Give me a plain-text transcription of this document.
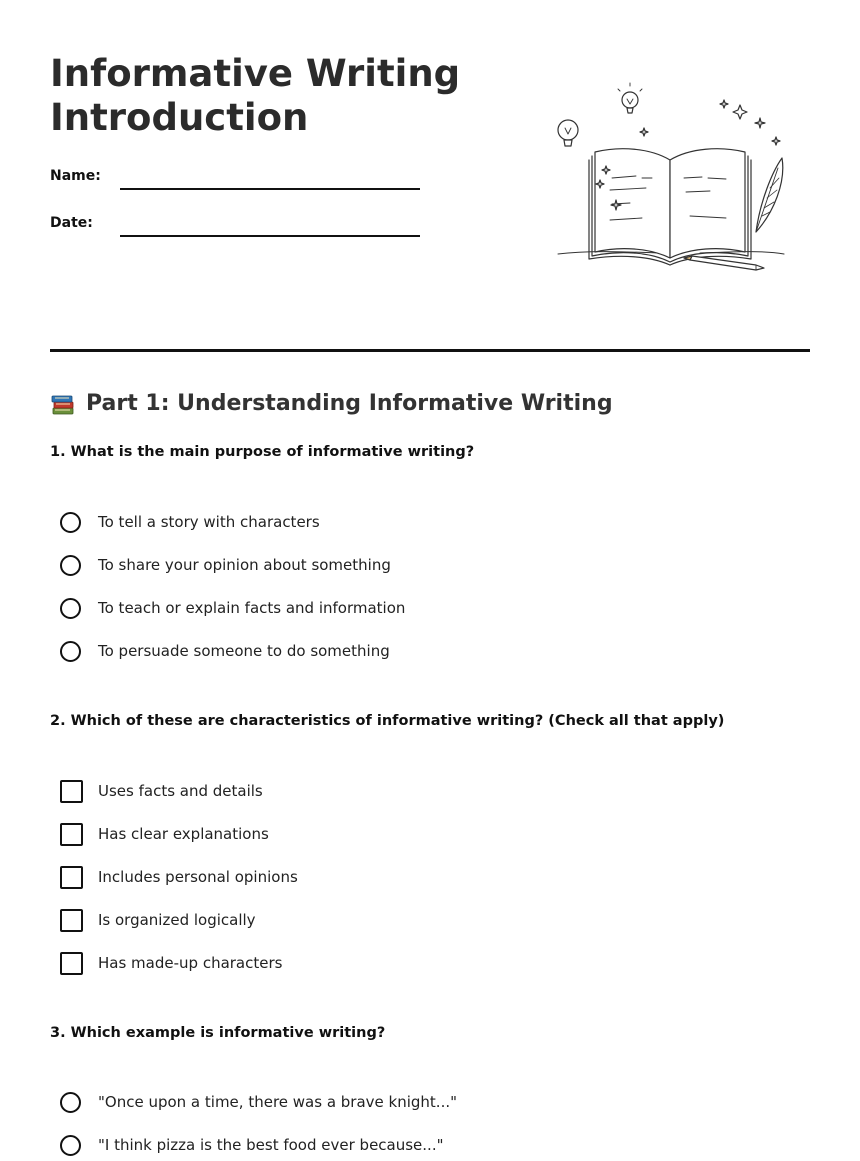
Informative Writing
Introduction
Name:
Date:
Part 1: Understanding Informative Writing

1. What is the main purpose of informative writing?

To tell a story with characters
To share your opinion about something
To teach or explain facts and information
To persuade someone to do something

2. Which of these are characteristics of informative writing? (Check all that apply)

Uses facts and details
Has clear explanations
Includes personal opinions
Is organized logically
Has made-up characters

3. Which example is informative writing?

"Once upon a time, there was a brave knight..."
"I think pizza is the best food ever because..."
